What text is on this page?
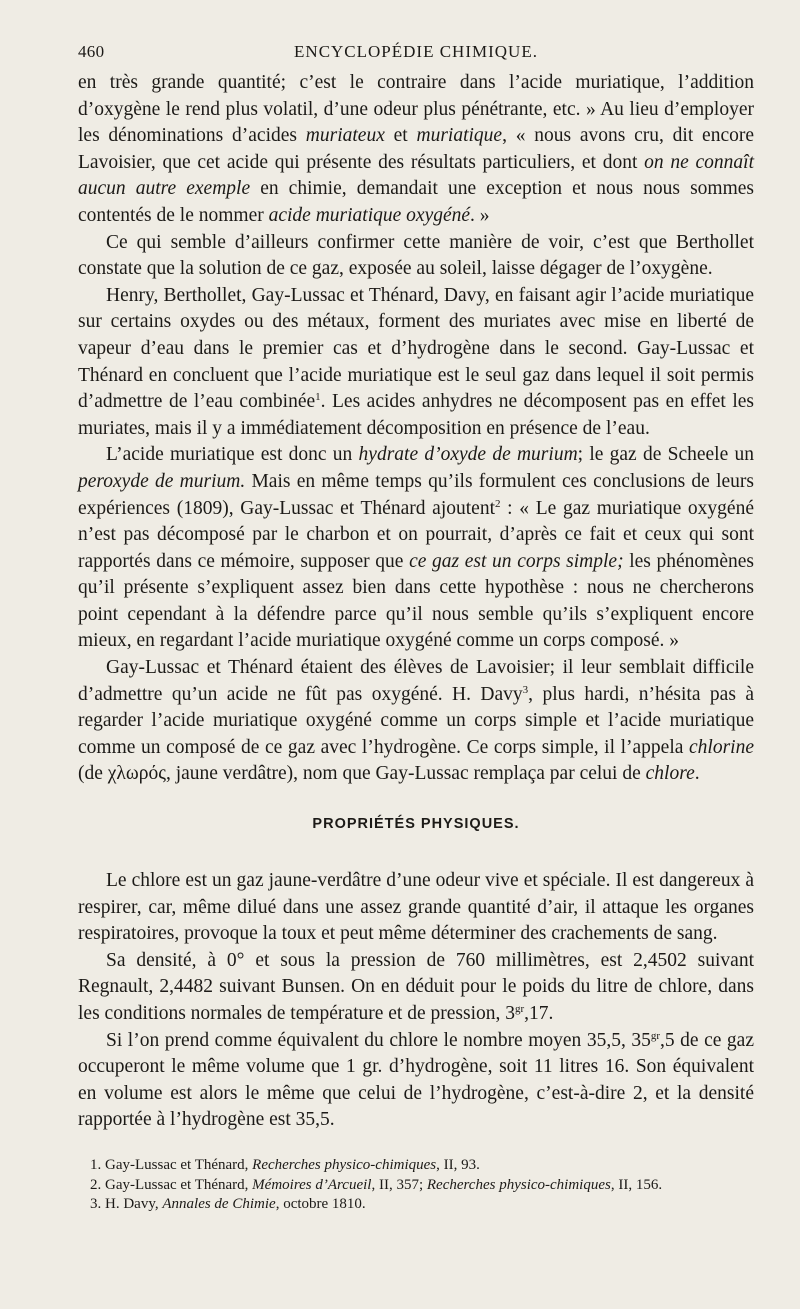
460	ENCYCLOPÉDIE CHIMIQUE.

en très grande quantité; c’est le contraire dans l’acide muriatique, l’addition d’oxygène le rend plus volatil, d’une odeur plus pénétrante, etc. » Au lieu d’employer les dénominations d’acides muriateux et muriatique, « nous avons cru, dit encore Lavoisier, que cet acide qui présente des résultats particuliers, et dont on ne connaît aucun autre exemple en chimie, demandait une exception et nous nous sommes contentés de le nommer acide muriatique oxygéné. »

Ce qui semble d’ailleurs confirmer cette manière de voir, c’est que Berthollet constate que la solution de ce gaz, exposée au soleil, laisse dégager de l’oxygène.

Henry, Berthollet, Gay-Lussac et Thénard, Davy, en faisant agir l’acide muriatique sur certains oxydes ou des métaux, forment des muriates avec mise en liberté de vapeur d’eau dans le premier cas et d’hydrogène dans le second. Gay-Lussac et Thénard en concluent que l’acide muriatique est le seul gaz dans lequel il soit permis d’admettre de l’eau combinée$^1$. Les acides anhydres ne décomposent pas en effet les muriates, mais il y a immédiatement décomposition en présence de l’eau.

L’acide muriatique est donc un hydrate d’oxyde de murium; le gaz de Scheele un peroxyde de murium. Mais en même temps qu’ils formulent ces conclusions de leurs expériences (1809), Gay-Lussac et Thénard ajoutent$^2$ : « Le gaz muriatique oxygéné n’est pas décomposé par le charbon et on pourrait, d’après ce fait et ceux qui sont rapportés dans ce mémoire, supposer que ce gaz est un corps simple; les phénomènes qu’il présente s’expliquent assez bien dans cette hypothèse : nous ne chercherons point cependant à la défendre parce qu’il nous semble qu’ils s’expliquent encore mieux, en regardant l’acide muriatique oxygéné comme un corps composé. »

Gay-Lussac et Thénard étaient des élèves de Lavoisier; il leur semblait difficile d’admettre qu’un acide ne fût pas oxygéné. H. Davy$^3$, plus hardi, n’hésita pas à regarder l’acide muriatique oxygéné comme un corps simple et l’acide muriatique comme un composé de ce gaz avec l’hydrogène. Ce corps simple, il l’appela chlorine (de χλωρός, jaune verdâtre), nom que Gay-Lussac remplaça par celui de chlore.

PROPRIÉTÉS PHYSIQUES.

Le chlore est un gaz jaune-verdâtre d’une odeur vive et spéciale. Il est dangereux à respirer, car, même dilué dans une assez grande quantité d’air, il attaque les organes respiratoires, provoque la toux et peut même déterminer des crachements de sang.

Sa densité, à 0° et sous la pression de 760 millimètres, est 2,4502 suivant Regnault, 2,4482 suivant Bunsen. On en déduit pour le poids du litre de chlore, dans les conditions normales de température et de pression, $3^{gr},17$.

Si l’on prend comme équivalent du chlore le nombre moyen 35,5, $35^{gr},5$ de ce gaz occuperont le même volume que 1 gr. d’hydrogène, soit 11 litres 16. Son équivalent en volume est alors le même que celui de l’hydrogène, c’est-à-dire 2, et la densité rapportée à l’hydrogène est 35,5.

1. Gay-Lussac et Thénard, Recherches physico-chimiques, II, 93.
2. Gay-Lussac et Thénard, Mémoires d’Arcueil, II, 357; Recherches physico-chimiques, II, 156.
3. H. Davy, Annales de Chimie, octobre 1810.
